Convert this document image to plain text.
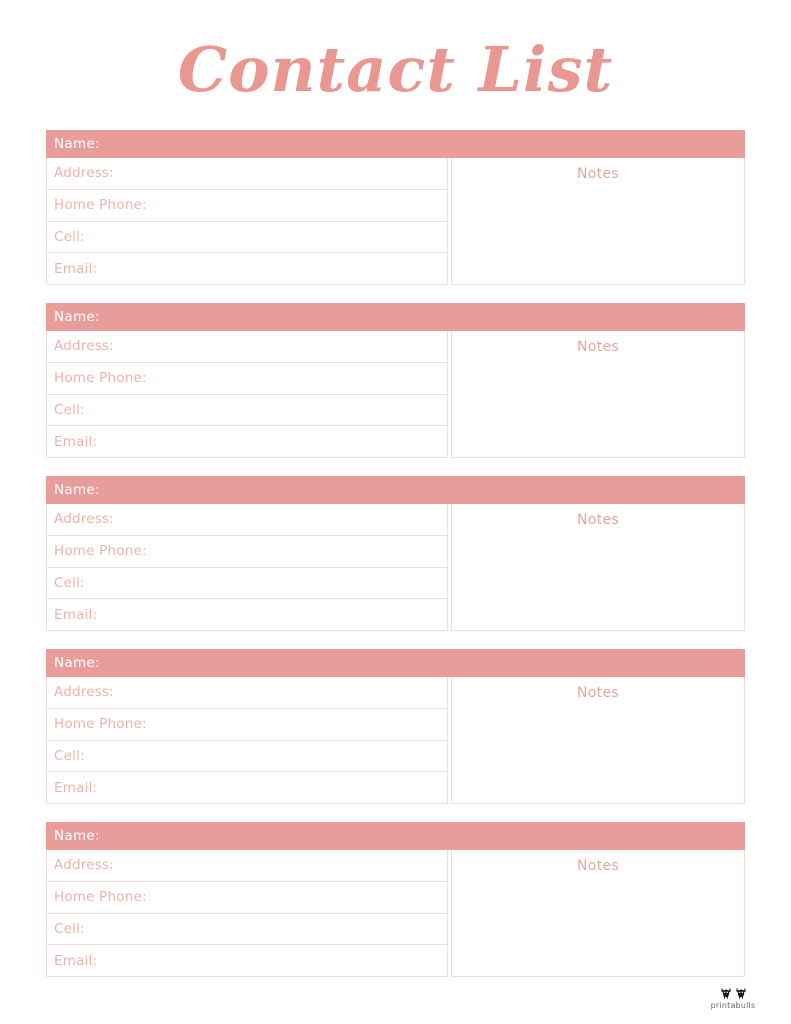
Contact List
Name:
Address:
Home Phone:
Cell:
Email:
Notes
Name:
Address:
Home Phone:
Cell:
Email:
Notes
Name:
Address:
Home Phone:
Cell:
Email:
Notes
Name:
Address:
Home Phone:
Cell:
Email:
Notes
Name:
Address:
Home Phone:
Cell:
Email:
Notes
printabulls
